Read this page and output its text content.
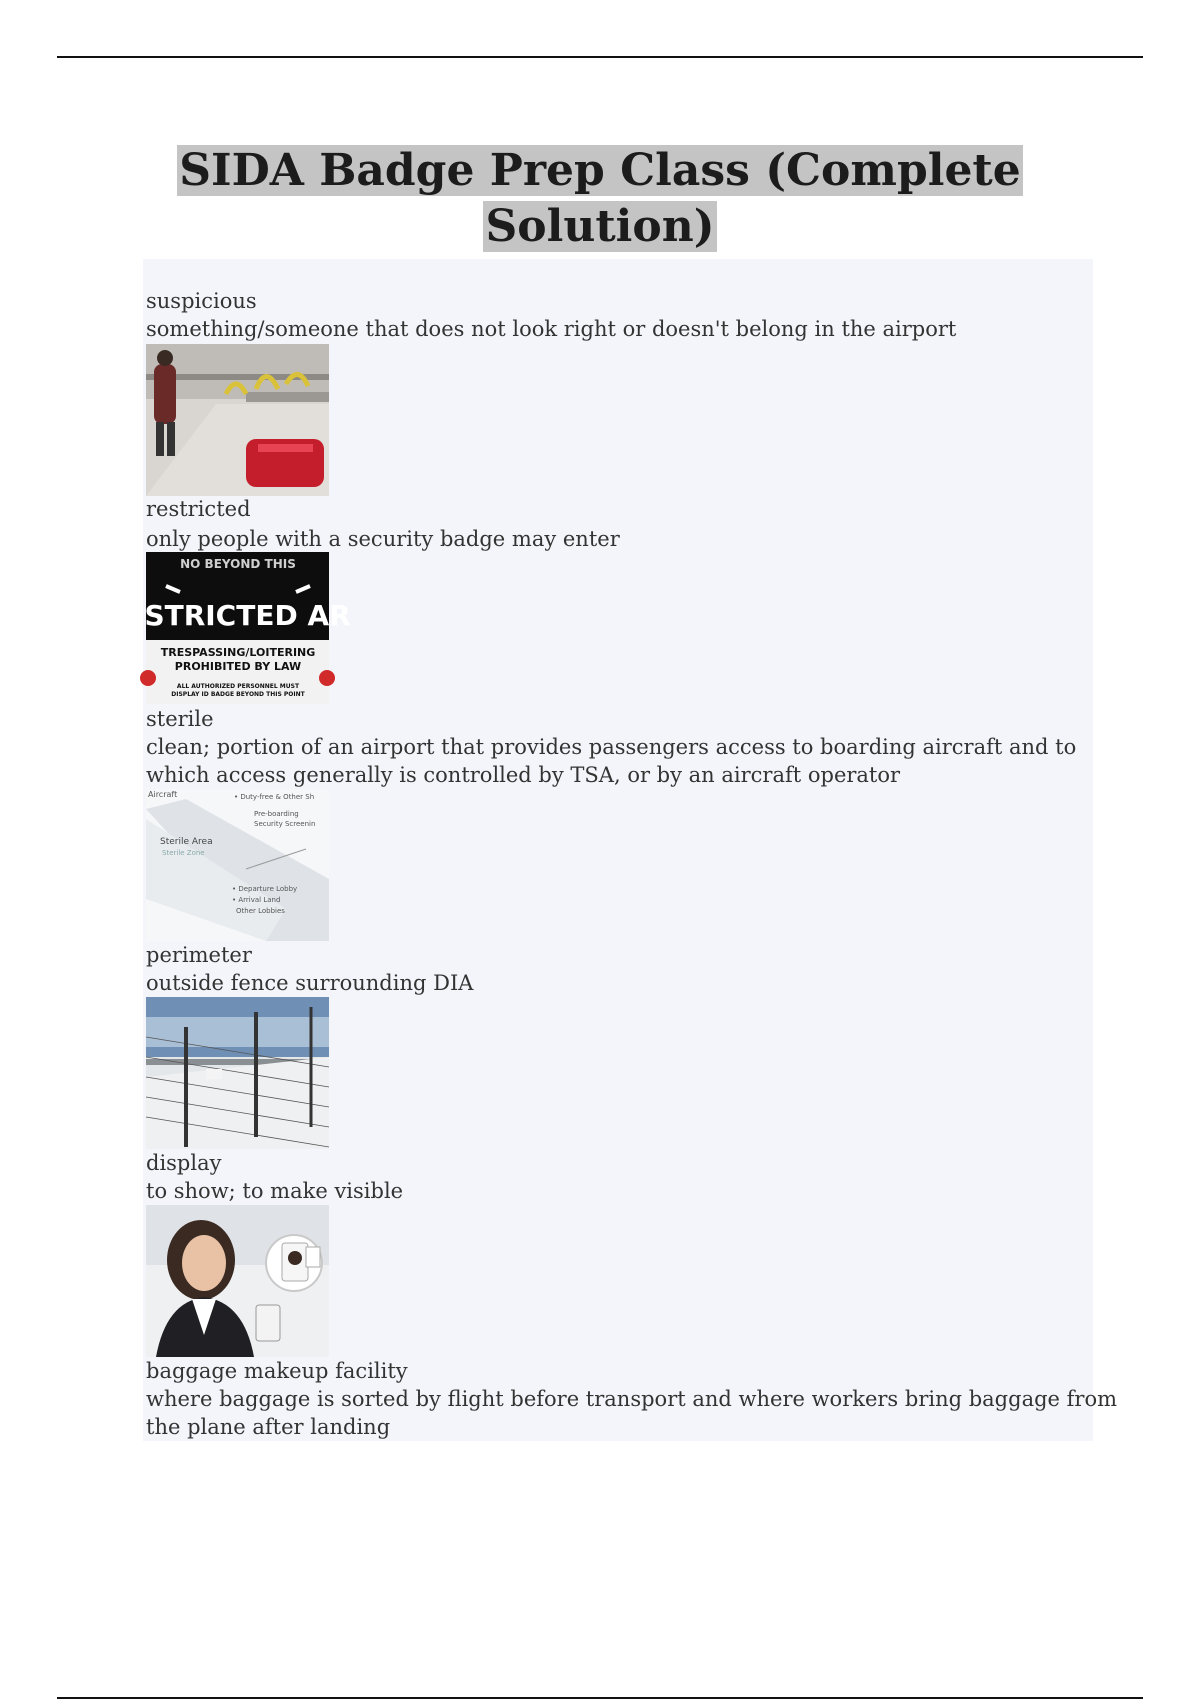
SIDA Badge Prep Class (Complete
Solution)
suspicious
something/someone that does not look right or doesn't belong in the airport
restricted
only people with a security badge may enter
NO BEYOND THIS
ESTRICTED AR
TRESPASSING/LOITERING
PROHIBITED BY LAW
ALL AUTHORIZED PERSONNEL MUST
DISPLAY ID BADGE BEYOND THIS POINT
sterile
clean; portion of an airport that provides passengers access to boarding aircraft and to
which access generally is controlled by TSA, or by an aircraft operator
Aircraft	• Duty-free & Other Sh
Pre-boarding
Security Screenin
Sterile Area
Sterile Zone
• Departure Lobby
• Arrival Land
Other Lobbies
perimeter
outside fence surrounding DIA
display
to show; to make visible
baggage makeup facility
where baggage is sorted by flight before transport and where workers bring baggage from
the plane after landing
